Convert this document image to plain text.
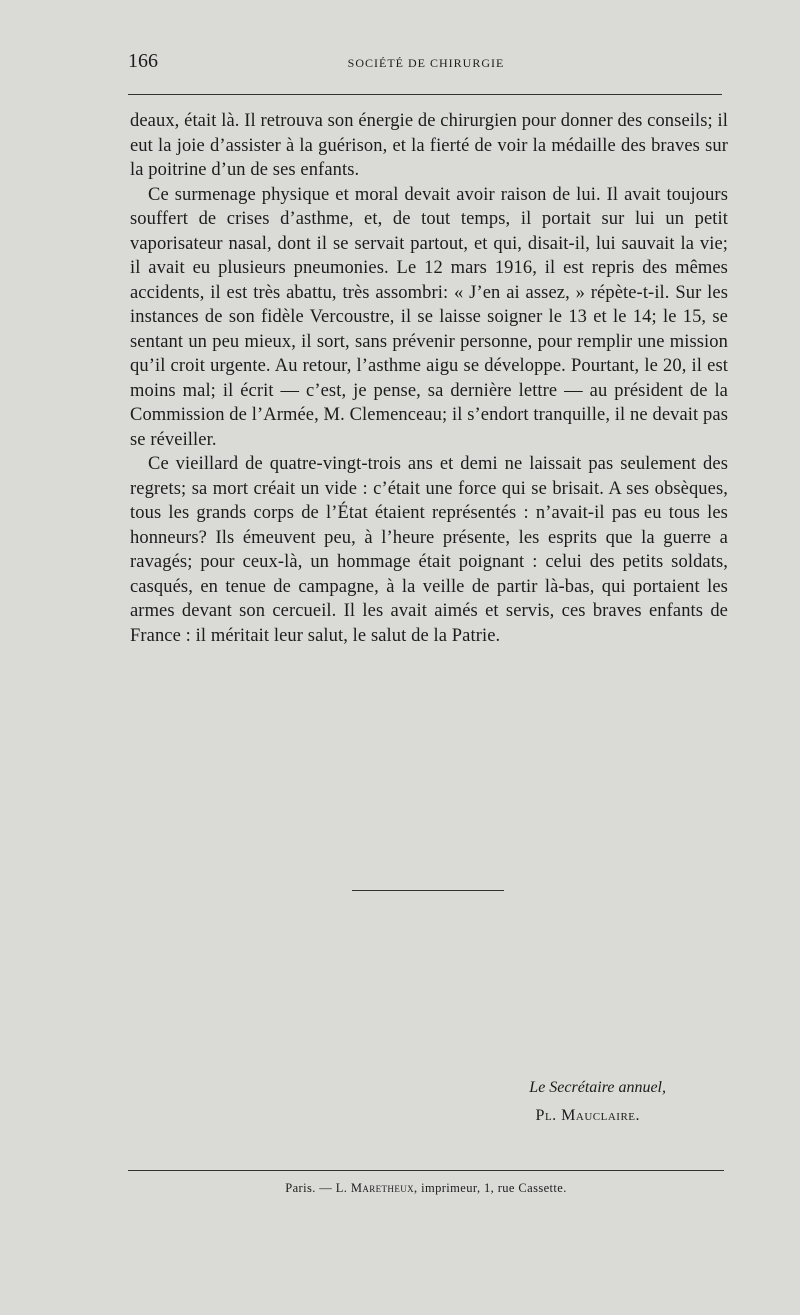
166	SOCIÉTÉ DE CHIRURGIE

deaux, était là. Il retrouva son énergie de chirurgien pour donner des conseils; il eut la joie d’assister à la guérison, et la fierté de voir la médaille des braves sur la poitrine d’un de ses enfants.

Ce surmenage physique et moral devait avoir raison de lui. Il avait toujours souffert de crises d’asthme, et, de tout temps, il portait sur lui un petit vaporisateur nasal, dont il se servait partout, et qui, disait-il, lui sauvait la vie; il avait eu plusieurs pneumonies. Le 12 mars 1916, il est repris des mêmes accidents, il est très abattu, très assombri: « J’en ai assez, » répète-t-il. Sur les instances de son fidèle Vercoustre, il se laisse soigner le 13 et le 14; le 15, se sentant un peu mieux, il sort, sans prévenir personne, pour remplir une mission qu’il croit urgente. Au retour, l’asthme aigu se développe. Pourtant, le 20, il est moins mal; il écrit — c’est, je pense, sa dernière lettre — au président de la Commission de l’Armée, M. Clemenceau; il s’endort tranquille, il ne devait pas se réveiller.

Ce vieillard de quatre-vingt-trois ans et demi ne laissait pas seulement des regrets; sa mort créait un vide : c’était une force qui se brisait. A ses obsèques, tous les grands corps de l’État étaient représentés : n’avait-il pas eu tous les honneurs? Ils émeuvent peu, à l’heure présente, les esprits que la guerre a ravagés; pour ceux-là, un hommage était poignant : celui des petits soldats, casqués, en tenue de campagne, à la veille de partir là-bas, qui portaient les armes devant son cercueil. Il les avait aimés et servis, ces braves enfants de France : il méritait leur salut, le salut de la Patrie.

Le Secrétaire annuel,
Pl. Mauclaire.
Paris. — L. Maretheux, imprimeur, 1, rue Cassette.
